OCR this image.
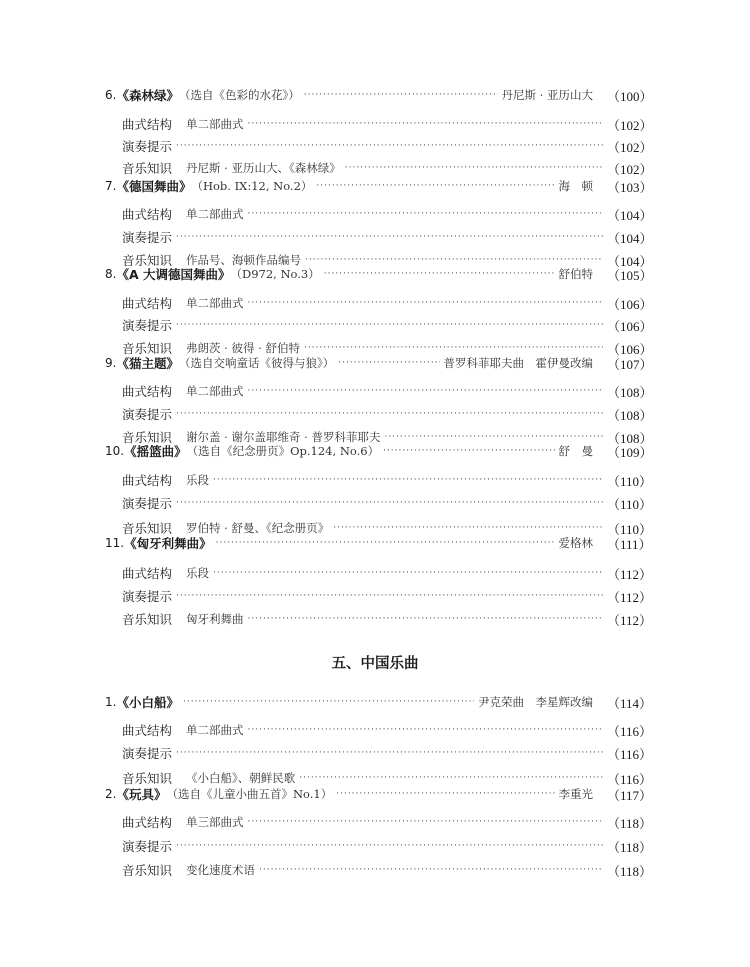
6. 《森林绿》 （选自《色彩的水花》） ·····	丹尼斯 · 亚历山大 （100）
曲式结构 单二部曲式 ·····	（102）
演奏提示 ·····	（102）
音乐知识 丹尼斯 · 亚历山大、《森林绿》 ·····	（102）
7. 《德国舞曲》 （Hob. IX:12, No.2） ·····	海　顿 （103）
曲式结构 单二部曲式 ·····	（104）
演奏提示 ·····	（104）
音乐知识 作品号、海顿作品编号 ·····	（104）
8. 《A 大调德国舞曲》 （D972, No.3） ·····	舒伯特 （105）
曲式结构 单二部曲式 ·····	（106）
演奏提示 ·····	（106）
音乐知识 弗朗茨 · 彼得 · 舒伯特 ·····	（106）
9. 《猫主题》 （选自交响童话《彼得与狼》） ·····	普罗科菲耶夫曲　霍伊曼改编 （107）
曲式结构 单二部曲式 ·····	（108）
演奏提示 ·····	（108）
音乐知识 谢尔盖 · 谢尔盖耶维奇 · 普罗科菲耶夫 ·····	（108）
10. 《摇篮曲》 （选自《纪念册页》Op.124, No.6） ·····	舒　曼 （109）
曲式结构 乐段 ·····	（110）
演奏提示 ·····	（110）
音乐知识 罗伯特 · 舒曼、《纪念册页》 ·····	（110）
11. 《匈牙利舞曲》 ·····	爱格林 （111）
曲式结构 乐段 ·····	（112）
演奏提示 ·····	（112）
音乐知识 匈牙利舞曲 ·····	（112）
五、中国乐曲
1. 《小白船》 ·····	尹克荣曲　李星辉改编 （114）
曲式结构 单二部曲式 ·····	（116）
演奏提示 ·····	（116）
音乐知识 《小白船》、朝鲜民歌 ·····	（116）
2. 《玩具》 （选自《儿童小曲五首》No.1） ·····	李重光 （117）
曲式结构 单三部曲式 ·····	（118）
演奏提示 ·····	（118）
音乐知识 变化速度术语 ·····	（118）
